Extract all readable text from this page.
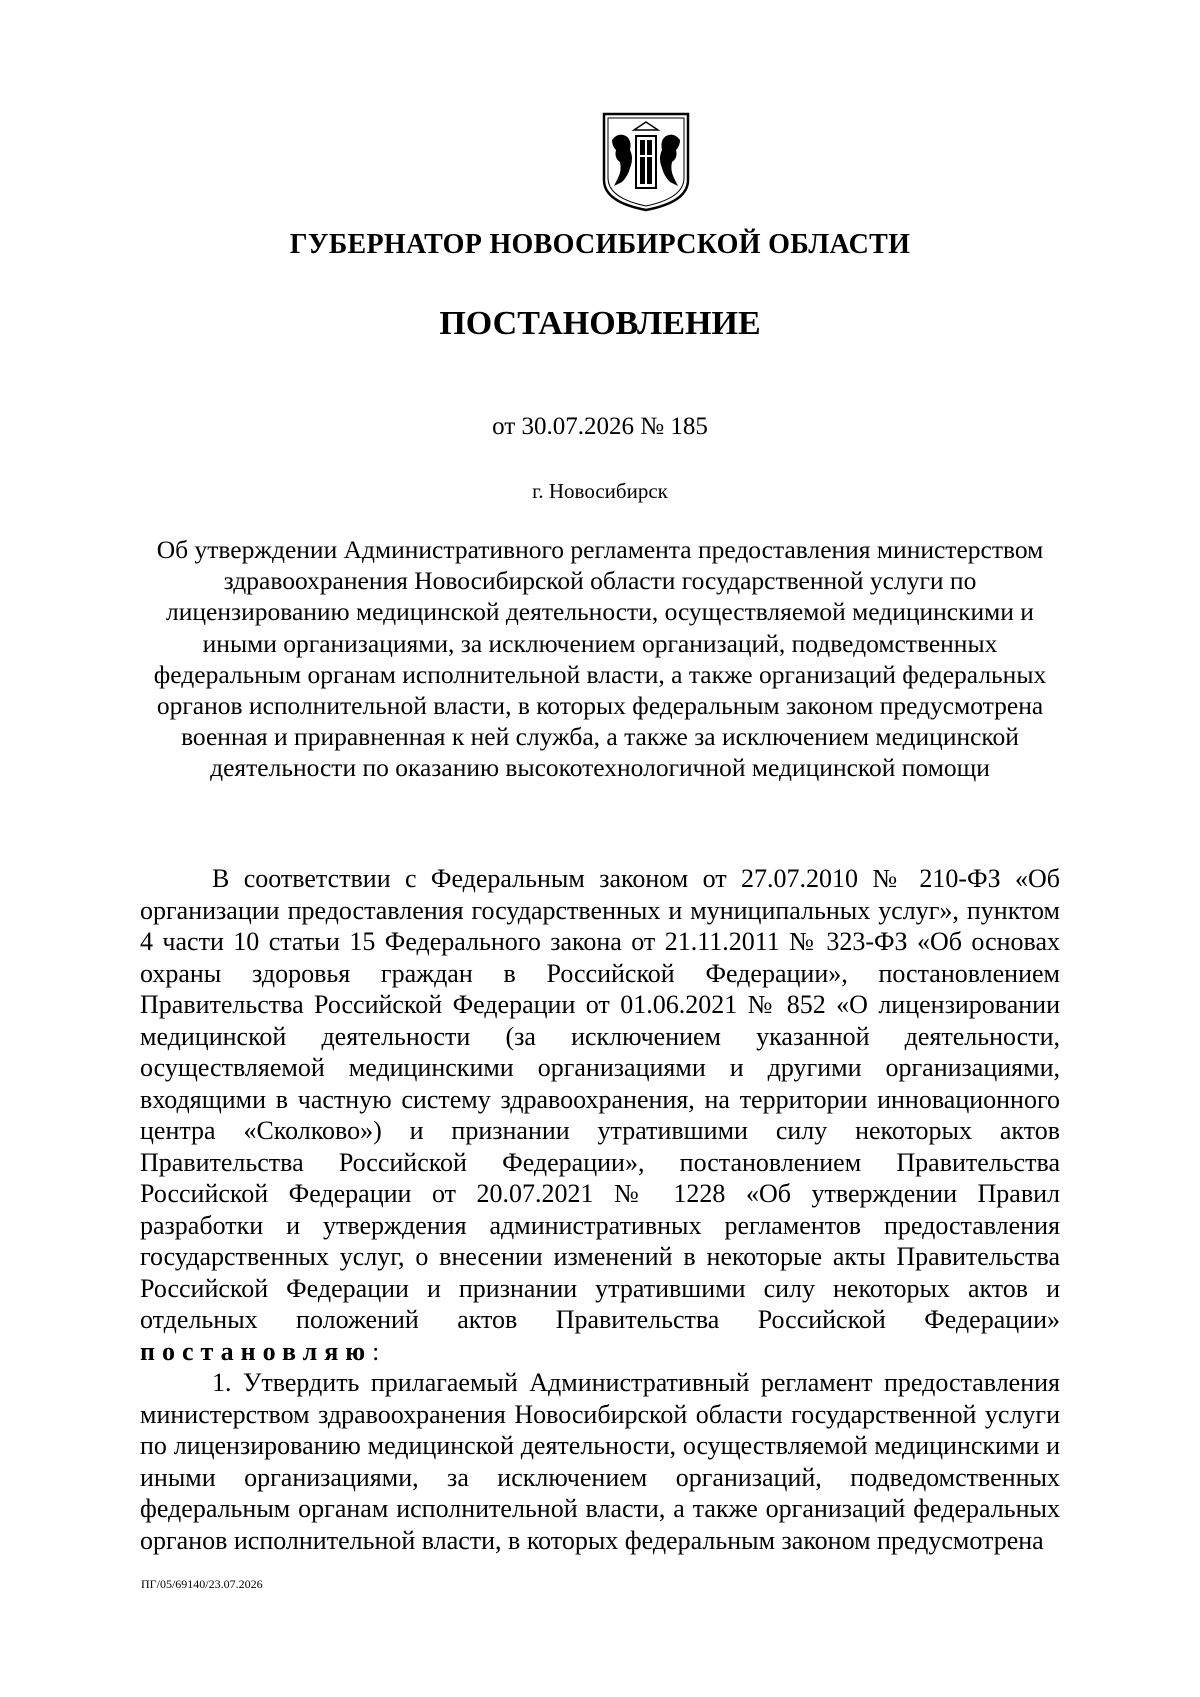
ГУБЕРНАТОР НОВОСИБИРСКОЙ ОБЛАСТИ
ПОСТАНОВЛЕНИЕ
от 30.07.2026 № 185
г. Новосибирск
Об утверждении Административного регламента предоставления министерством здравоохранения Новосибирской области государственной услуги по лицензированию медицинской деятельности, осуществляемой медицинскими и иными организациями, за исключением организаций, подведомственных федеральным органам исполнительной власти, а также организаций федеральных органов исполнительной власти, в которых федеральным законом предусмотрена военная и приравненная к ней служба, а также за исключением медицинской деятельности по оказанию высокотехнологичной медицинской помощи

В соответствии с Федеральным законом от 27.07.2010 № 210-ФЗ «Об организации предоставления государственных и муниципальных услуг», пунктом 4 части 10 статьи 15 Федерального закона от 21.11.2011 № 323-ФЗ «Об основах охраны здоровья граждан в Российской Федерации», постановлением Правительства Российской Федерации от 01.06.2021 № 852 «О лицензировании медицинской деятельности (за исключением указанной деятельности, осуществляемой медицинскими организациями и другими организациями, входящими в частную систему здравоохранения, на территории инновационного центра «Сколково») и признании утратившими силу некоторых актов Правительства Российской Федерации», постановлением Правительства Российской Федерации от 20.07.2021 № 1228 «Об утверждении Правил разработки и утверждения административных регламентов предоставления государственных услуг, о внесении изменений в некоторые акты Правительства Российской Федерации и признании утратившими силу некоторых актов и отдельных положений актов Правительства Российской Федерации» постановляю:

1. Утвердить прилагаемый Административный регламент предоставления министерством здравоохранения Новосибирской области государственной услуги по лицензированию медицинской деятельности, осуществляемой медицинскими и иными организациями, за исключением организаций, подведомственных федеральным органам исполнительной власти, а также организаций федеральных органов исполнительной власти, в которых федеральным законом предусмотрена

ПГ/05/69140/23.07.2026
